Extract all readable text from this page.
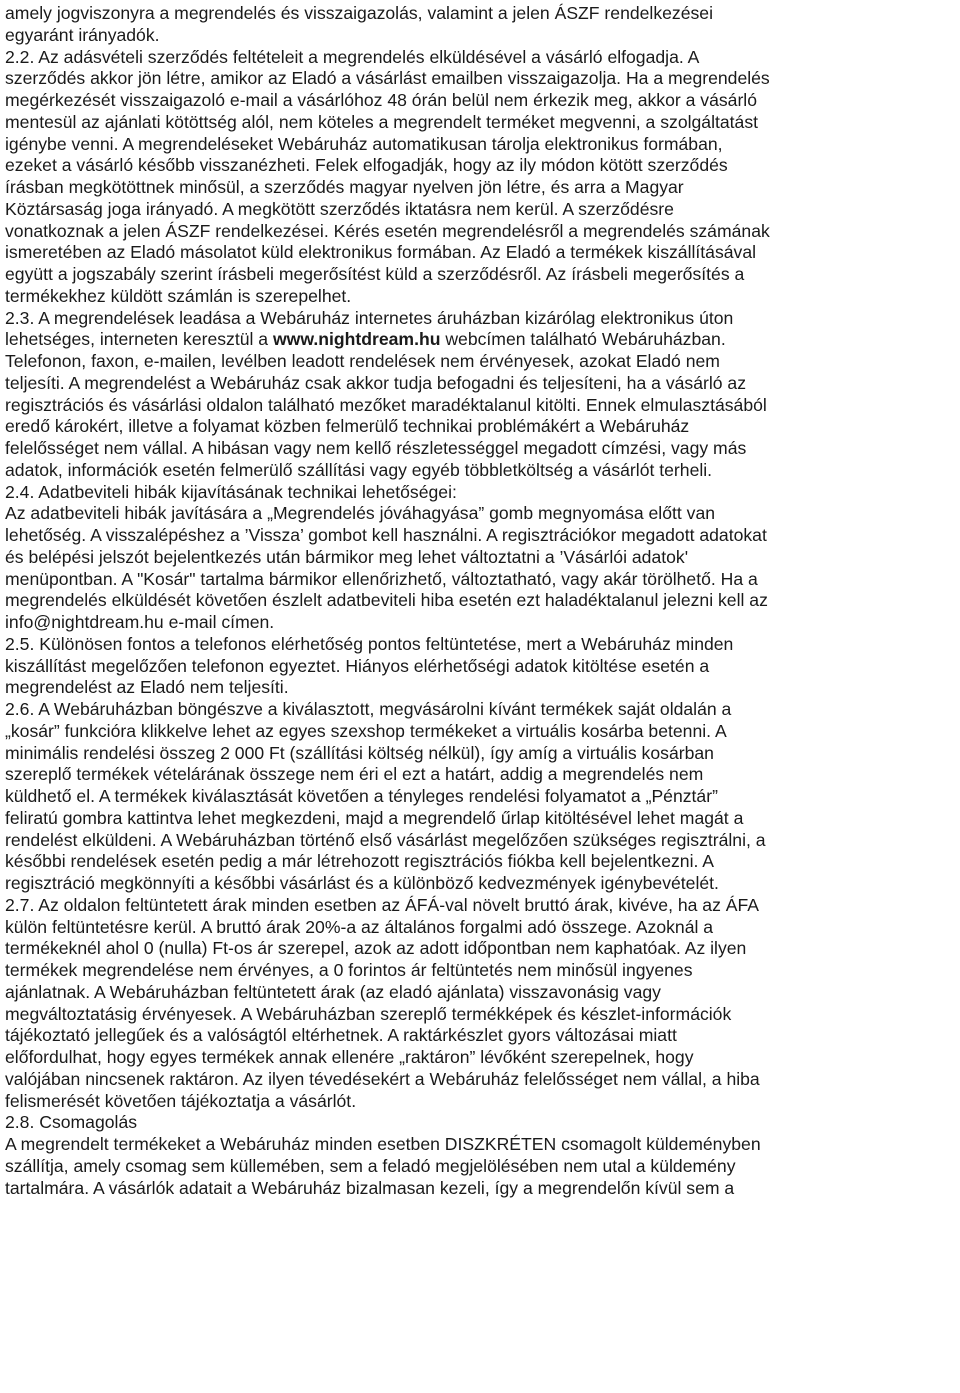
amely jogviszonyra a megrendelés és visszaigazolás, valamint a jelen ÁSZF rendelkezései
egyaránt irányadók.
2.2. Az adásvételi szerződés feltételeit a megrendelés elküldésével a vásárló elfogadja. A
szerződés akkor jön létre, amikor az Eladó a vásárlást emailben visszaigazolja. Ha a megrendelés
megérkezését visszaigazoló e-mail a vásárlóhoz 48 órán belül nem érkezik meg, akkor a vásárló
mentesül az ajánlati kötöttség alól, nem köteles a megrendelt terméket megvenni, a szolgáltatást
igénybe venni. A megrendeléseket Webáruház automatikusan tárolja elektronikus formában,
ezeket a vásárló később visszanézheti. Felek elfogadják, hogy az ily módon kötött szerződés
írásban megkötöttnek minősül, a szerződés magyar nyelven jön létre, és arra a Magyar
Köztársaság joga irányadó. A megkötött szerződés iktatásra nem kerül. A szerződésre
vonatkoznak a jelen ÁSZF rendelkezései. Kérés esetén megrendelésről a megrendelés számának
ismeretében az Eladó másolatot küld elektronikus formában. Az Eladó a termékek kiszállításával
együtt a jogszabály szerint írásbeli megerősítést küld a szerződésről. Az írásbeli megerősítés a
termékekhez küldött számlán is szerepelhet.
2.3. A megrendelések leadása a Webáruház internetes áruházban kizárólag elektronikus úton
lehetséges, interneten keresztül a www.nightdream.hu webcímen található Webáruházban.
Telefonon, faxon, e-mailen, levélben leadott rendelések nem érvényesek, azokat Eladó nem
teljesíti. A megrendelést a Webáruház csak akkor tudja befogadni és teljesíteni, ha a vásárló az
regisztrációs és vásárlási oldalon található mezőket maradéktalanul kitölti. Ennek elmulasztásából
eredő károkért, illetve a folyamat közben felmerülő technikai problémákért a Webáruház
felelősséget nem vállal. A hibásan vagy nem kellő részletességgel megadott címzési, vagy más
adatok, információk esetén felmerülő szállítási vagy egyéb többletköltség a vásárlót terheli.
2.4. Adatbeviteli hibák kijavításának technikai lehetőségei:
Az adatbeviteli hibák javítására a „Megrendelés jóváhagyása” gomb megnyomása előtt van
lehetőség. A visszalépéshez a ’Vissza’ gombot kell használni. A regisztrációkor megadott adatokat
és belépési jelszót bejelentkezés után bármikor meg lehet változtatni a ’Vásárlói adatok'
menüpontban. A "Kosár" tartalma bármikor ellenőrizhető, változtatható, vagy akár törölhető. Ha a
megrendelés elküldését követően észlelt adatbeviteli hiba esetén ezt haladéktalanul jelezni kell az
info@nightdream.hu e-mail címen.
2.5. Különösen fontos a telefonos elérhetőség pontos feltüntetése, mert a Webáruház minden
kiszállítást megelőzően telefonon egyeztet. Hiányos elérhetőségi adatok kitöltése esetén a
megrendelést az Eladó nem teljesíti.
2.6. A Webáruházban böngészve a kiválasztott, megvásárolni kívánt termékek saját oldalán a
„kosár” funkcióra klikkelve lehet az egyes szexshop termékeket a virtuális kosárba betenni. A
minimális rendelési összeg 2 000 Ft (szállítási költség nélkül), így amíg a virtuális kosárban
szereplő termékek vételárának összege nem éri el ezt a határt, addig a megrendelés nem
küldhető el. A termékek kiválasztását követően a tényleges rendelési folyamatot a „Pénztár”
feliratú gombra kattintva lehet megkezdeni, majd a megrendelő űrlap kitöltésével lehet magát a
rendelést elküldeni. A Webáruházban történő első vásárlást megelőzően szükséges regisztrálni, a
későbbi rendelések esetén pedig a már létrehozott regisztrációs fiókba kell bejelentkezni. A
regisztráció megkönnyíti a későbbi vásárlást és a különböző kedvezmények igénybevételét.
2.7. Az oldalon feltüntetett árak minden esetben az ÁFÁ-val növelt bruttó árak, kivéve, ha az ÁFA
külön feltüntetésre kerül. A bruttó árak 20%-a az általános forgalmi adó összege. Azoknál a
termékeknél ahol 0 (nulla) Ft-os ár szerepel, azok az adott időpontban nem kaphatóak. Az ilyen
termékek megrendelése nem érvényes, a 0 forintos ár feltüntetés nem minősül ingyenes
ajánlatnak. A Webáruházban feltüntetett árak (az eladó ajánlata) visszavonásig vagy
megváltoztatásig érvényesek. A Webáruházban szereplő termékképek és készlet-információk
tájékoztató jellegűek és a valóságtól eltérhetnek. A raktárkészlet gyors változásai miatt
előfordulhat, hogy egyes termékek annak ellenére „raktáron” lévőként szerepelnek, hogy
valójában nincsenek raktáron. Az ilyen tévedésekért a Webáruház felelősséget nem vállal, a hiba
felismerését követően tájékoztatja a vásárlót.
2.8. Csomagolás
A megrendelt termékeket a Webáruház minden esetben DISZKRÉTEN csomagolt küldeményben
szállítja, amely csomag sem küllemében, sem a feladó megjelölésében nem utal a küldemény
tartalmára. A vásárlók adatait a Webáruház bizalmasan kezeli, így a megrendelőn kívül sem a
